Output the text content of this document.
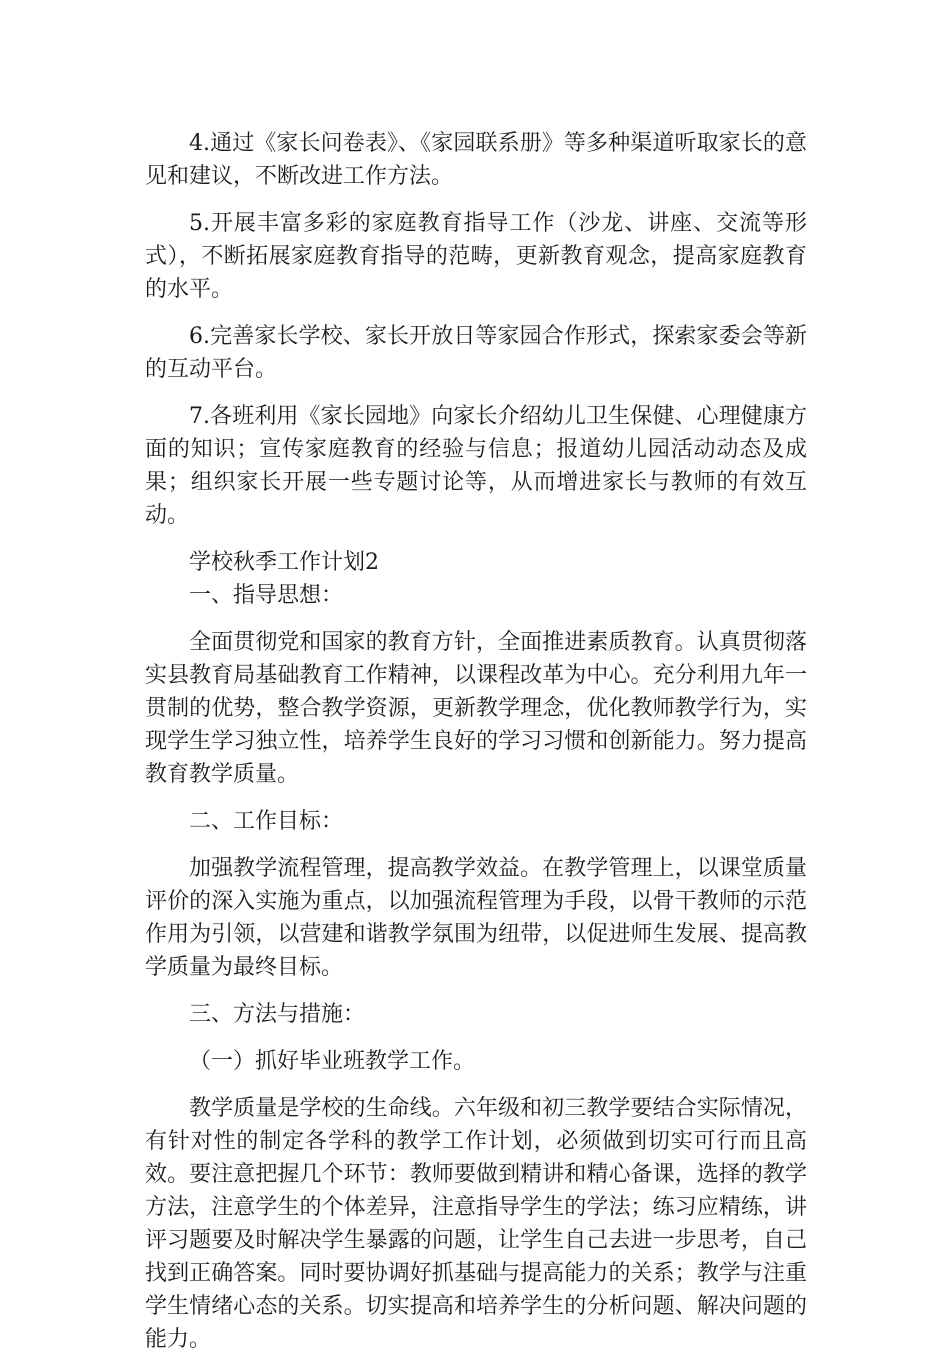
4.通过《家长问卷表》、《家园联系册》等多种渠道听取家长的意见和建议，不断改进工作方法。

5.开展丰富多彩的家庭教育指导工作（沙龙、讲座、交流等形式），不断拓展家庭教育指导的范畴，更新教育观念，提高家庭教育的水平。

6.完善家长学校、家长开放日等家园合作形式，探索家委会等新的互动平台。

7.各班利用《家长园地》向家长介绍幼儿卫生保健、心理健康方面的知识；宣传家庭教育的经验与信息；报道幼儿园活动动态及成果；组织家长开展一些专题讨论等，从而增进家长与教师的有效互动。

学校秋季工作计划2

一、指导思想：

全面贯彻党和国家的教育方针，全面推进素质教育。认真贯彻落实县教育局基础教育工作精神，以课程改革为中心。充分利用九年一贯制的优势，整合教学资源，更新教学理念，优化教师教学行为，实现学生学习独立性，培养学生良好的学习习惯和创新能力。努力提高教育教学质量。

二、工作目标：

加强教学流程管理，提高教学效益。在教学管理上，以课堂质量评价的深入实施为重点，以加强流程管理为手段，以骨干教师的示范作用为引领，以营建和谐教学氛围为纽带，以促进师生发展、提高教学质量为最终目标。

三、方法与措施：

（一）抓好毕业班教学工作。

教学质量是学校的生命线。六年级和初三教学要结合实际情况，有针对性的制定各学科的教学工作计划，必须做到切实可行而且高效。要注意把握几个环节：教师要做到精讲和精心备课，选择的教学方法，注意学生的个体差异，注意指导学生的学法；练习应精练，讲评习题要及时解决学生暴露的问题，让学生自己去进一步思考，自己找到正确答案。同时要协调好抓基础与提高能力的关系；教学与注重学生情绪心态的关系。切实提高和培养学生的分析问题、解决问题的能力。
